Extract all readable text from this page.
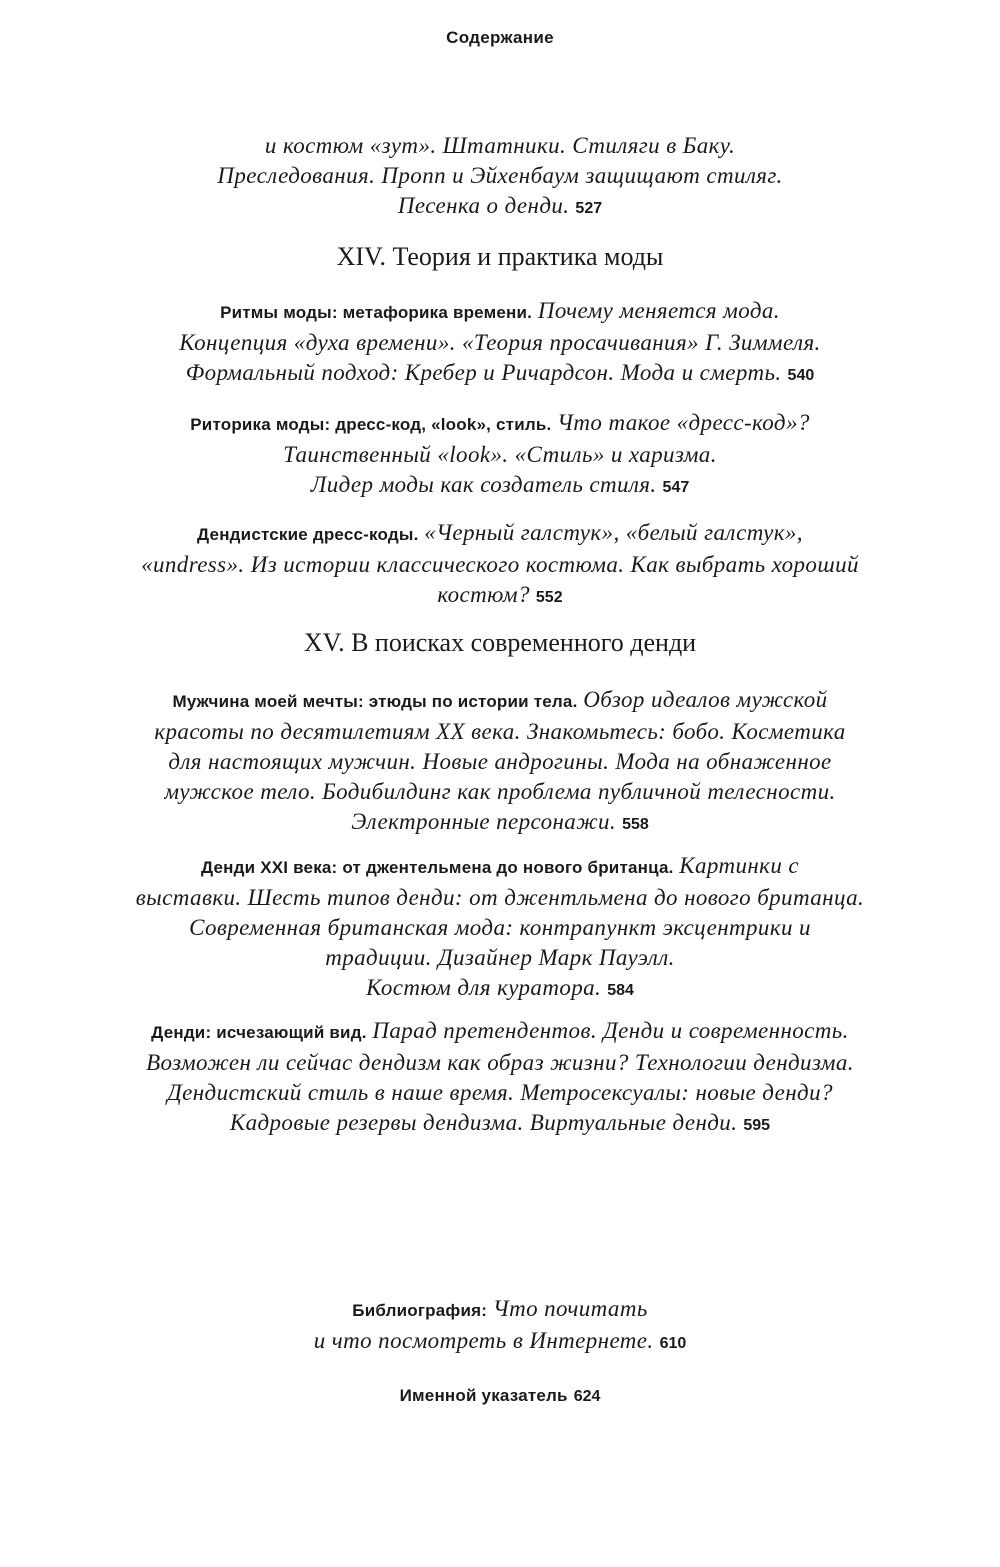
Содержание
и костюм «зут». Штатники. Стиляги в Баку.
Преследования. Пропп и Эйхенбаум защищают стиляг.
Песенка о денди. 527
XIV. Теория и практика моды
Ритмы моды: метафорика времени. Почему меняется мода.
Концепция «духа времени». «Теория просачивания» Г. Зиммеля.
Формальный подход: Кребер и Ричардсон. Мода и смерть. 540
Риторика моды: дресс-код, «look», стиль. Что такое «дресс-код»?
Таинственный «look». «Стиль» и харизма.
Лидер моды как создатель стиля. 547
Дендистские дресс-коды. «Черный галстук», «белый галстук»,
«undress». Из истории классического костюма. Как выбрать хороший
костюм? 552
XV. В поисках современного денди
Мужчина моей мечты: этюды по истории тела. Обзор идеалов мужской
красоты по десятилетиям XX века. Знакомьтесь: бобо. Косметика
для настоящих мужчин. Новые андрогины. Мода на обнаженное
мужское тело. Бодибилдинг как проблема публичной телесности.
Электронные персонажи. 558
Денди XXI века: от джентельмена до нового британца. Картинки с
выставки. Шесть типов денди: от джентльмена до нового британца.
Современная британская мода: контрапункт эксцентрики и
традиции. Дизайнер Марк Пауэлл.
Костюм для куратора. 584
Денди: исчезающий вид. Парад претендентов. Денди и современность.
Возможен ли сейчас дендизм как образ жизни? Технологии дендизма.
Дендистский стиль в наше время. Метросексуалы: новые денди?
Кадровые резервы дендизма. Виртуальные денди. 595
Библиография: Что почитать
и что посмотреть в Интернете. 610
Именной указатель 624
